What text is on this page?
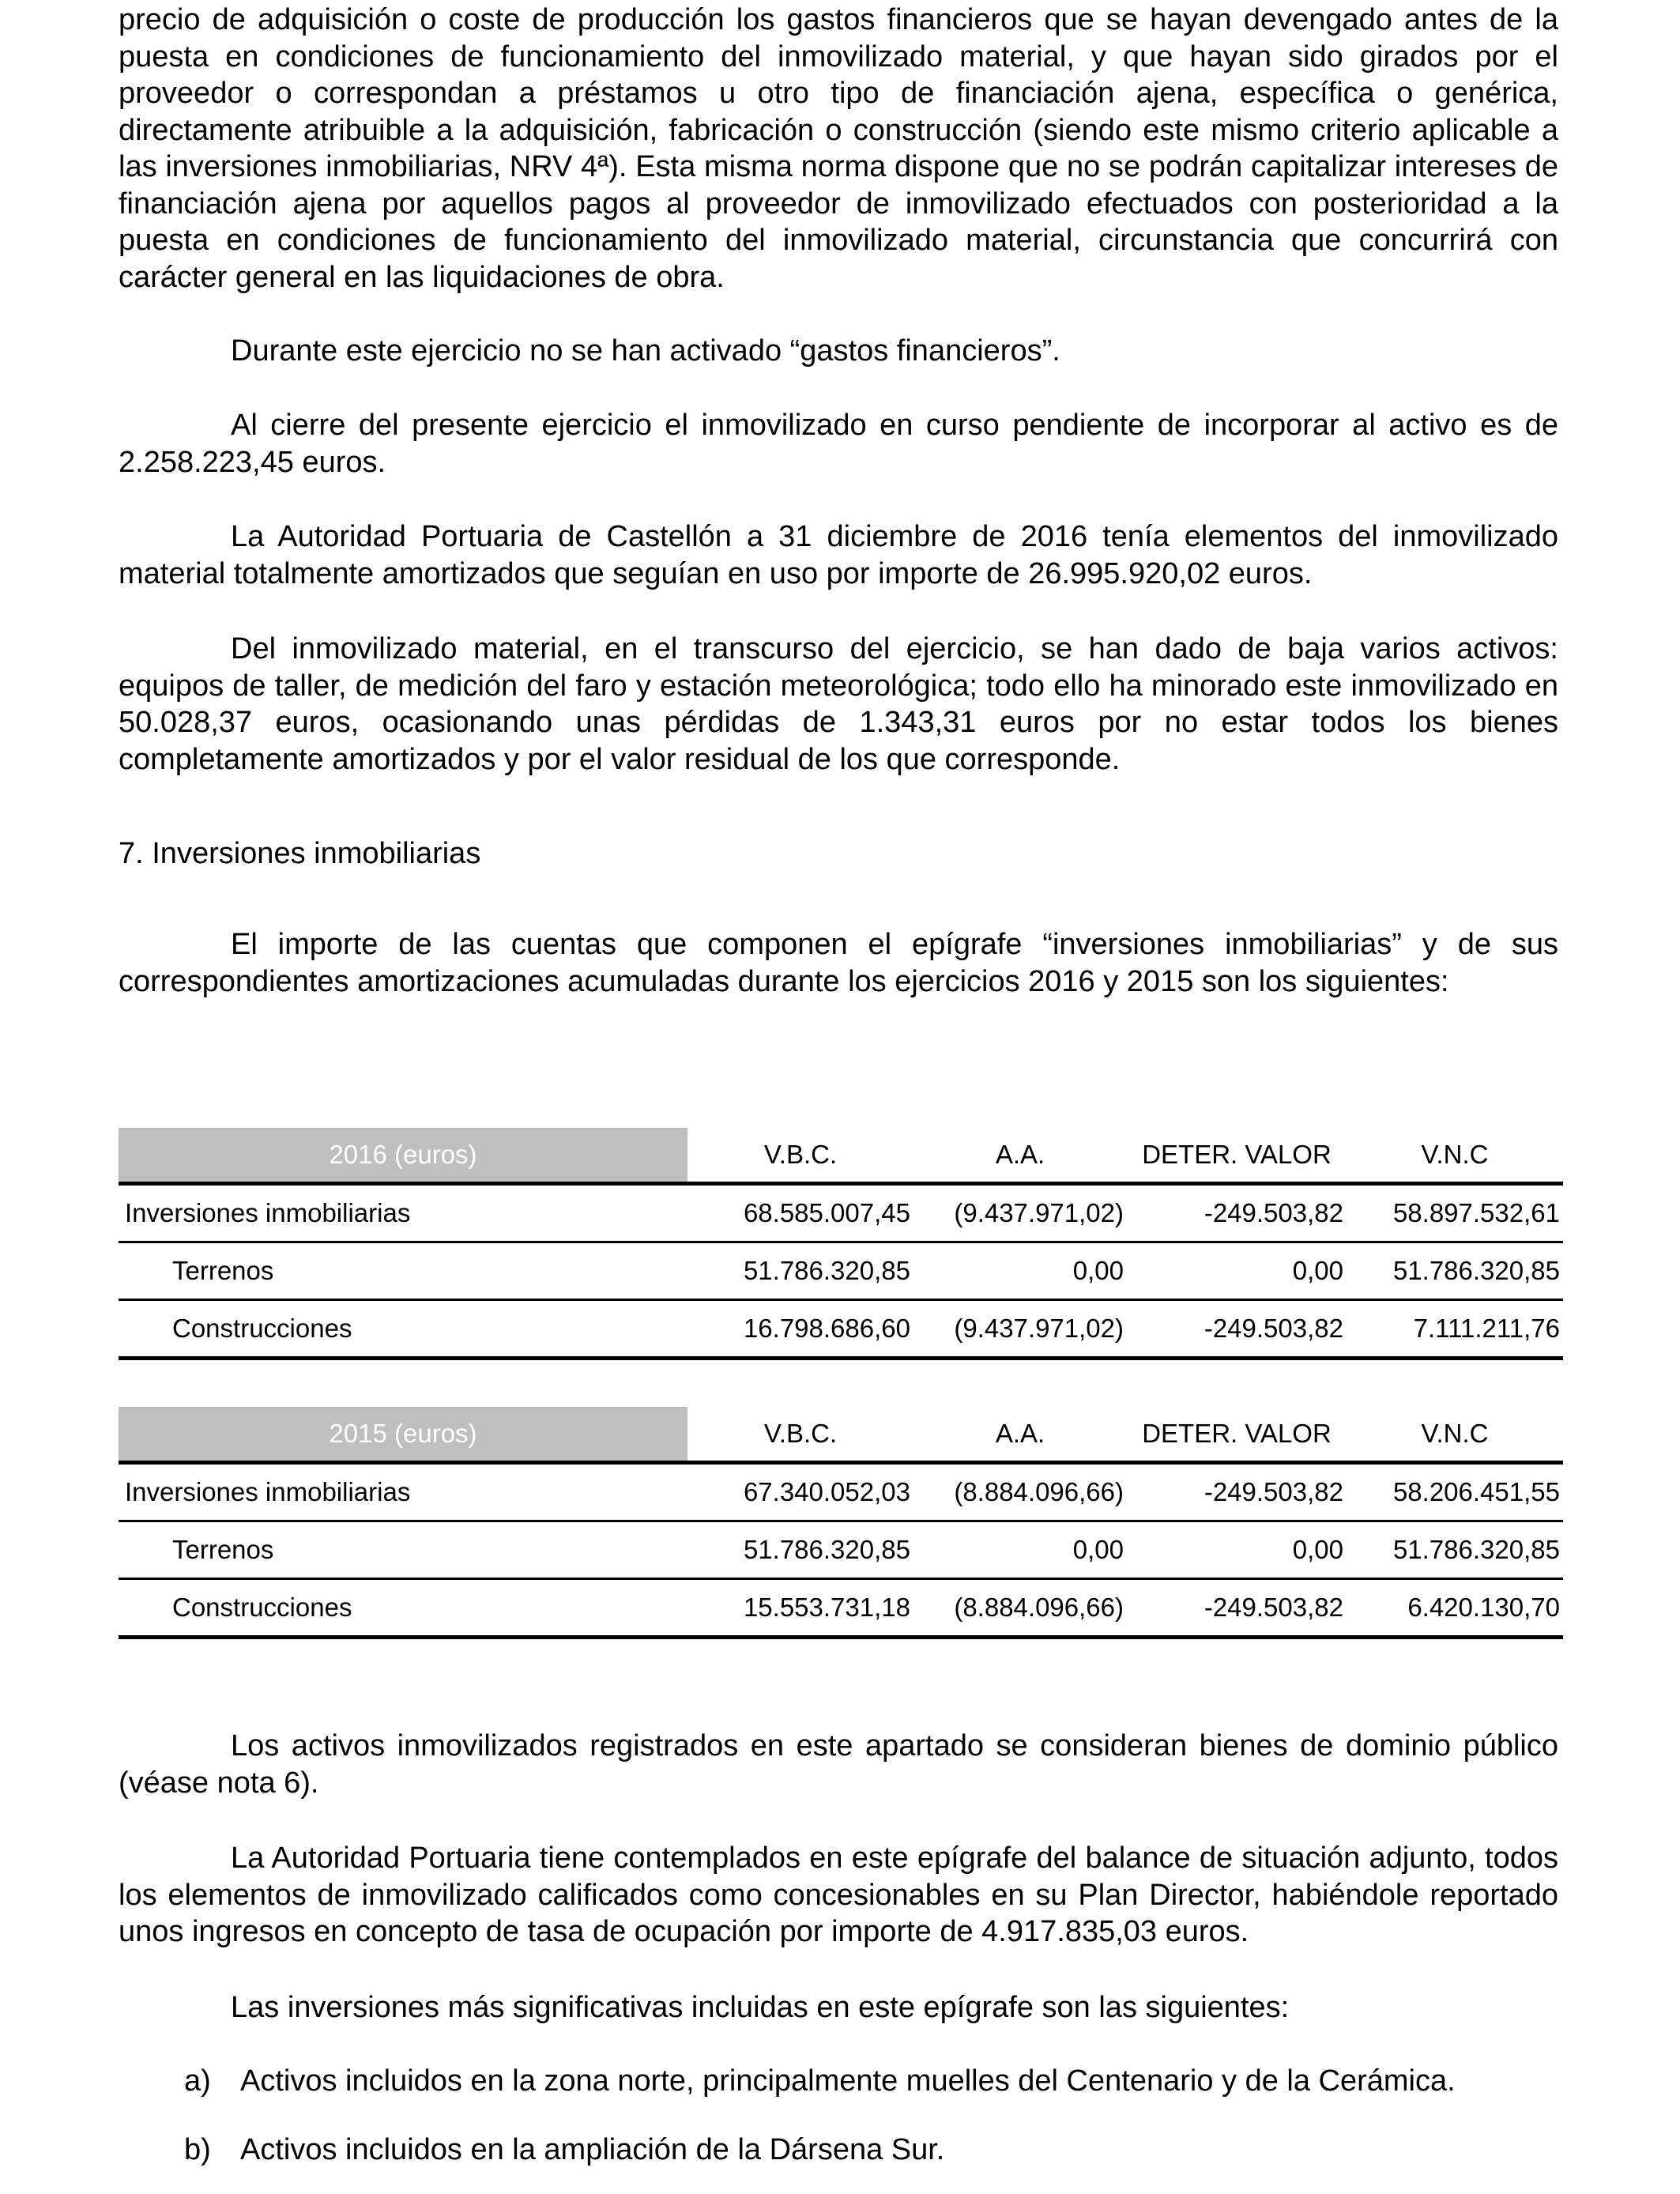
precio de adquisición o coste de producción los gastos financieros que se hayan devengado antes de la puesta en condiciones de funcionamiento del inmovilizado material, y que hayan sido girados por el proveedor o correspondan a préstamos u otro tipo de financiación ajena, específica o genérica, directamente atribuible a la adquisición, fabricación o construcción (siendo este mismo criterio aplicable a las inversiones inmobiliarias, NRV 4ª). Esta misma norma dispone que no se podrán capitalizar intereses de financiación ajena por aquellos pagos al proveedor de inmovilizado efectuados con posterioridad a la puesta en condiciones de funcionamiento del inmovilizado material, circunstancia que concurrirá con carácter general en las liquidaciones de obra.

Durante este ejercicio no se han activado “gastos financieros”.

Al cierre del presente ejercicio el inmovilizado en curso pendiente de incorporar al activo es de 2.258.223,45 euros.

La Autoridad Portuaria de Castellón a 31 diciembre de 2016 tenía elementos del inmovilizado material totalmente amortizados que seguían en uso por importe de 26.995.920,02 euros.

Del inmovilizado material, en el transcurso del ejercicio, se han dado de baja varios activos: equipos de taller, de medición del faro y estación meteorológica; todo ello ha minorado este inmovilizado en 50.028,37 euros, ocasionando unas pérdidas de 1.343,31 euros por no estar todos los bienes completamente amortizados y por el valor residual de los que corresponde.

7. Inversiones inmobiliarias

El importe de las cuentas que componen el epígrafe “inversiones inmobiliarias” y de sus correspondientes amortizaciones acumuladas durante los ejercicios 2016 y 2015 son los siguientes:

2016 (euros)	V.B.C.	A.A.	DETER. VALOR	V.N.C
Inversiones inmobiliarias	68.585.007,45	(9.437.971,02)	-249.503,82	58.897.532,61
Terrenos	51.786.320,85	0,00	0,00	51.786.320,85
Construcciones	16.798.686,60	(9.437.971,02)	-249.503,82	7.111.211,76
2015 (euros)	V.B.C.	A.A.	DETER. VALOR	V.N.C
Inversiones inmobiliarias	67.340.052,03	(8.884.096,66)	-249.503,82	58.206.451,55
Terrenos	51.786.320,85	0,00	0,00	51.786.320,85
Construcciones	15.553.731,18	(8.884.096,66)	-249.503,82	6.420.130,70

Los activos inmovilizados registrados en este apartado se consideran bienes de dominio público (véase nota 6).

La Autoridad Portuaria tiene contemplados en este epígrafe del balance de situación adjunto, todos los elementos de inmovilizado calificados como concesionables en su Plan Director, habiéndole reportado unos ingresos en concepto de tasa de ocupación por importe de 4.917.835,03 euros.

Las inversiones más significativas incluidas en este epígrafe son las siguientes:

a) Activos incluidos en la zona norte, principalmente muelles del Centenario y de la Cerámica.

b) Activos incluidos en la ampliación de la Dársena Sur.
